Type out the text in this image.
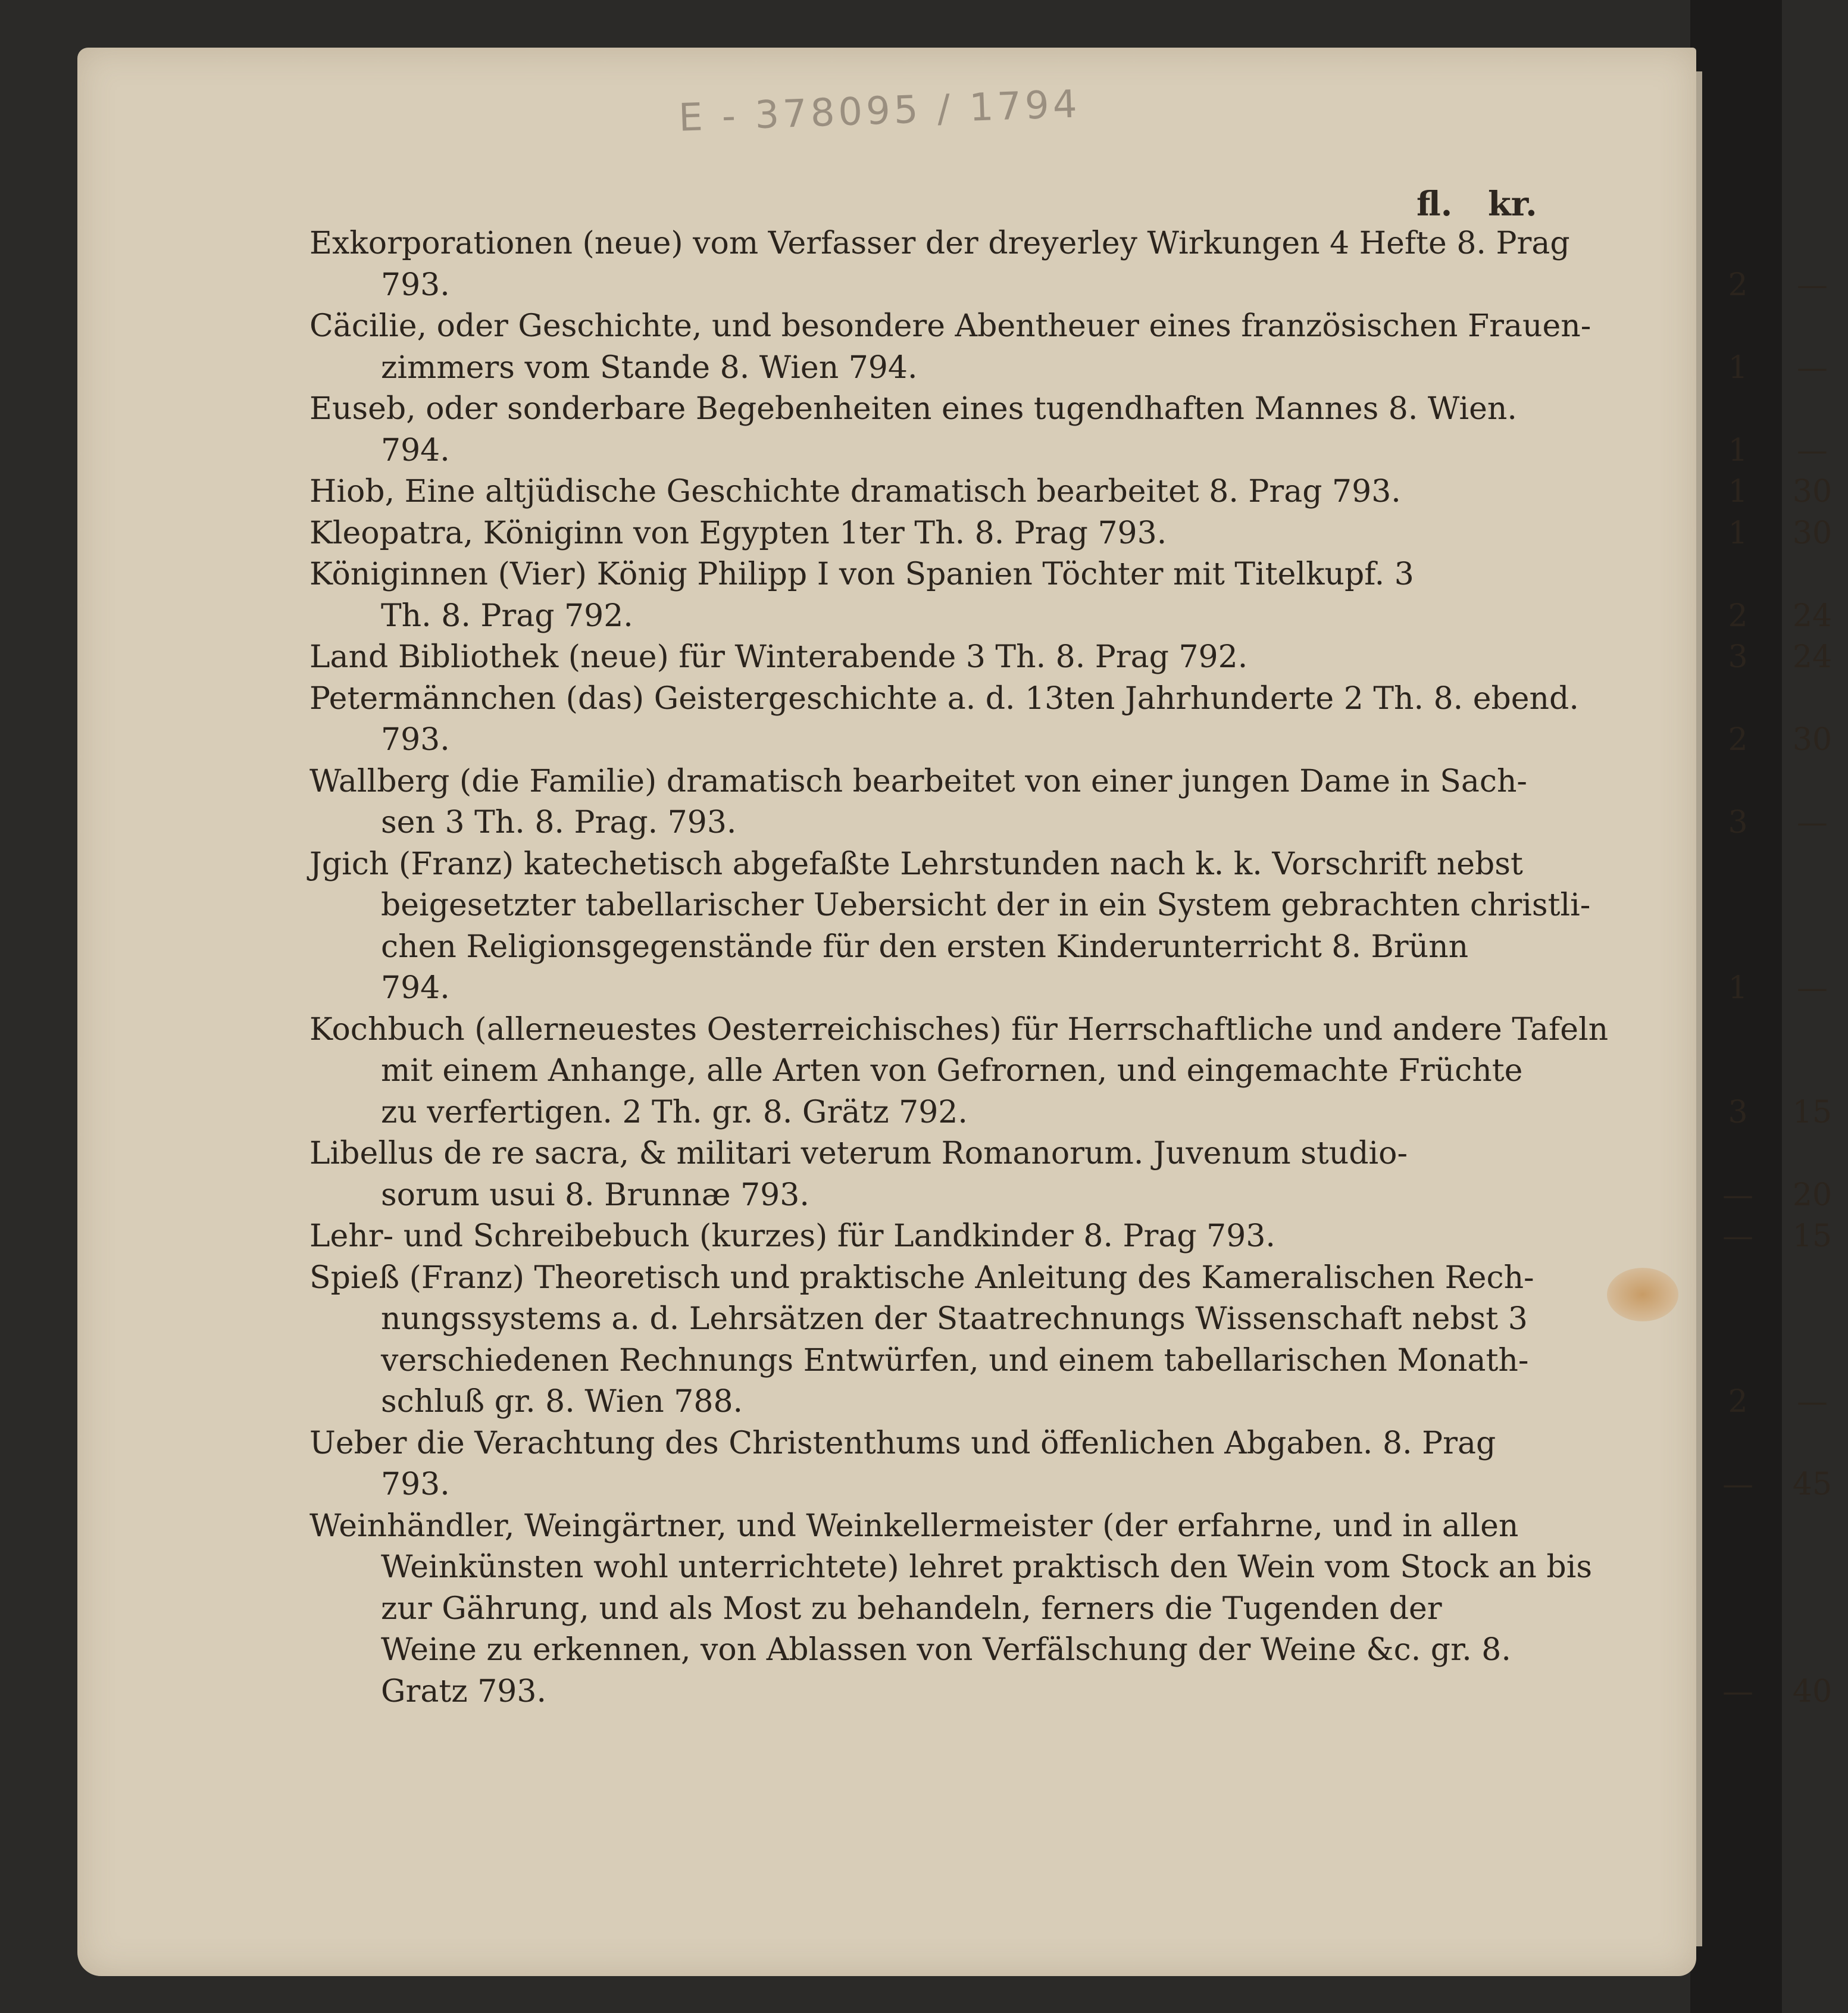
E - 378095 / 1794
fl. kr.
Exkorporationen (neue) vom Verfasser der dreyerley Wirkungen 4 Hefte 8. Prag
793.	2	—
Cäcilie, oder Geschichte, und besondere Abentheuer eines französischen Frauen-
zimmers vom Stande 8. Wien 794.	1	—
Euseb, oder sonderbare Begebenheiten eines tugendhaften Mannes 8. Wien.
794.	1	—
Hiob, Eine altjüdische Geschichte dramatisch bearbeitet 8. Prag 793.	1	30
Kleopatra, Königinn von Egypten 1ter Th. 8. Prag 793.	1	30
Königinnen (Vier) König Philipp I von Spanien Töchter mit Titelkupf. 3
Th. 8. Prag 792.	2	24
Land Bibliothek (neue) für Winterabende 3 Th. 8. Prag 792.	3	24
Petermännchen (das) Geistergeschichte a. d. 13ten Jahrhunderte 2 Th. 8. ebend.
793.	2	30
Wallberg (die Familie) dramatisch bearbeitet von einer jungen Dame in Sach-
sen 3 Th. 8. Prag. 793.	3	—
Jgich (Franz) katechetisch abgefaßte Lehrstunden nach k. k. Vorschrift nebst
beigesetzter tabellarischer Uebersicht der in ein System gebrachten christli-
chen Religionsgegenstände für den ersten Kinderunterricht 8. Brünn
794.	1	—
Kochbuch (allerneuestes Oesterreichisches) für Herrschaftliche und andere Tafeln
mit einem Anhange, alle Arten von Gefrornen, und eingemachte Früchte
zu verfertigen. 2 Th. gr. 8. Grätz 792.	3	15
Libellus de re sacra, & militari veterum Romanorum. Juvenum studio-
sorum usui 8. Brunnæ 793.	—	20
Lehr- und Schreibebuch (kurzes) für Landkinder 8. Prag 793.	—	15
Spieß (Franz) Theoretisch und praktische Anleitung des Kameralischen Rech-
nungssystems a. d. Lehrsätzen der Staatrechnungs Wissenschaft nebst 3
verschiedenen Rechnungs Entwürfen, und einem tabellarischen Monath-
schluß gr. 8. Wien 788.	2	—
Ueber die Verachtung des Christenthums und öffenlichen Abgaben. 8. Prag
793.	—	45
Weinhändler, Weingärtner, und Weinkellermeister (der erfahrne, und in allen
Weinkünsten wohl unterrichtete) lehret praktisch den Wein vom Stock an bis
zur Gährung, und als Most zu behandeln, ferners die Tugenden der
Weine zu erkennen, von Ablassen von Verfälschung der Weine &c. gr. 8.
Gratz 793.	—	40
